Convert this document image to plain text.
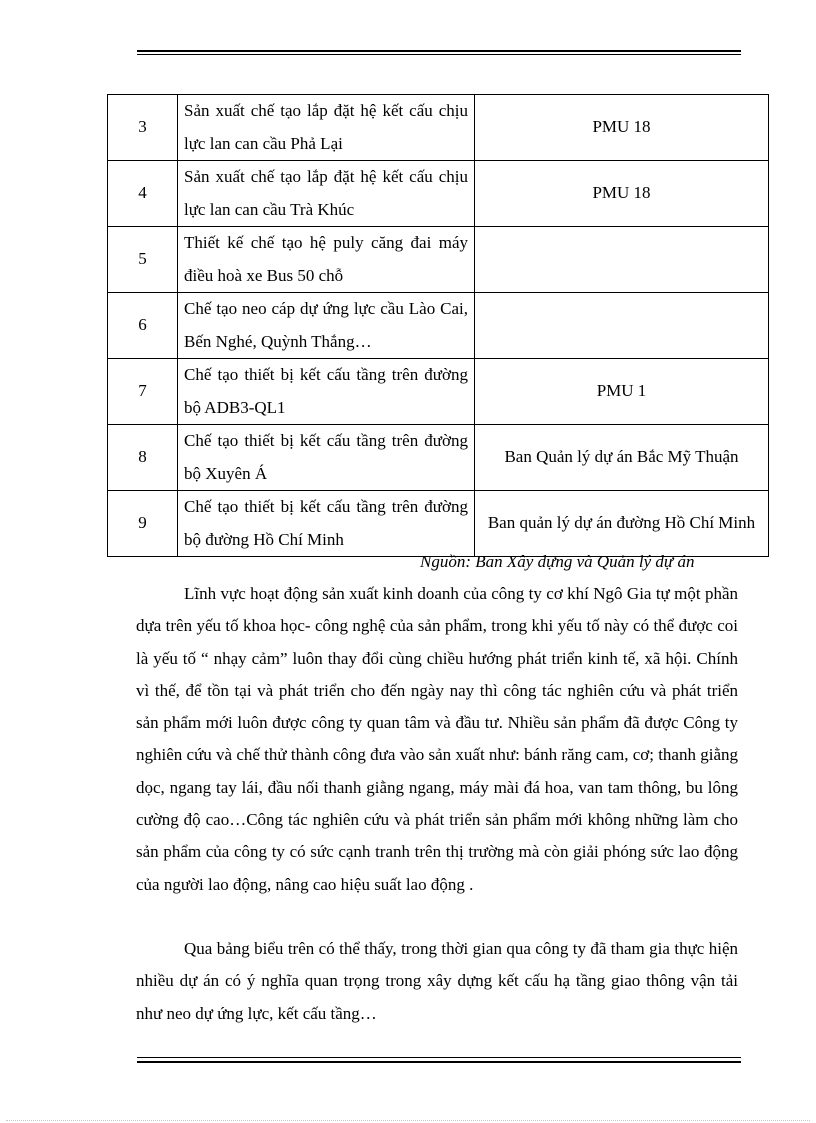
3	Sản xuất chế tạo lắp đặt hệ kết cấu chịu lực lan can cầu Phả Lại	PMU 18
4	Sản xuất chế tạo lắp đặt hệ kết cấu chịu lực lan can cầu Trà Khúc	PMU 18
5	Thiết kế chế tạo hệ puly căng đai máy điều hoà xe Bus 50 chỗ	
6	Chế tạo neo cáp dự ứng lực cầu Lào Cai, Bến Nghé, Quỳnh Thắng…	
7	Chế tạo thiết bị kết cấu tầng trên đường bộ ADB3-QL1	PMU 1
8	Chế tạo thiết bị kết cấu tầng trên đường bộ Xuyên Á	Ban Quản lý dự án Bắc Mỹ Thuận
9	Chế tạo thiết bị kết cấu tầng trên đường bộ đường Hồ Chí Minh	Ban quản lý dự án đường Hồ Chí Minh
Nguồn: Ban Xây dựng và Quản lý dự án

Lĩnh vực hoạt động sản xuất kinh doanh của công ty cơ khí Ngô Gia tự một phần dựa trên yếu tố khoa học- công nghệ của sản phẩm, trong khi yếu tố này có thể được coi là yếu tố “ nhạy cảm” luôn thay đổi cùng chiều hướng phát triển kinh tế, xã hội. Chính vì thế, để tồn tại và phát triển cho đến ngày nay thì công tác nghiên cứu và phát triển sản phẩm mới luôn được công ty quan tâm và đầu tư. Nhiều sản phẩm đã được Công ty nghiên cứu và chế thử thành công đưa vào sản xuất như: bánh răng cam, cơ; thanh giằng dọc, ngang tay lái, đầu nối thanh giằng ngang, máy mài đá hoa, van tam thông, bu lông cường độ cao…Công tác nghiên cứu và phát triển sản phẩm mới không những làm cho sản phẩm của công ty có sức cạnh tranh trên thị trường mà còn giải phóng sức lao động của người lao động, nâng cao hiệu suất lao động .

Qua bảng biểu trên có thể thấy, trong thời gian qua công ty đã tham gia thực hiện nhiều dự án có ý nghĩa quan trọng trong xây dựng kết cấu hạ tầng giao thông vận tải như neo dự ứng lực, kết cấu tầng…
